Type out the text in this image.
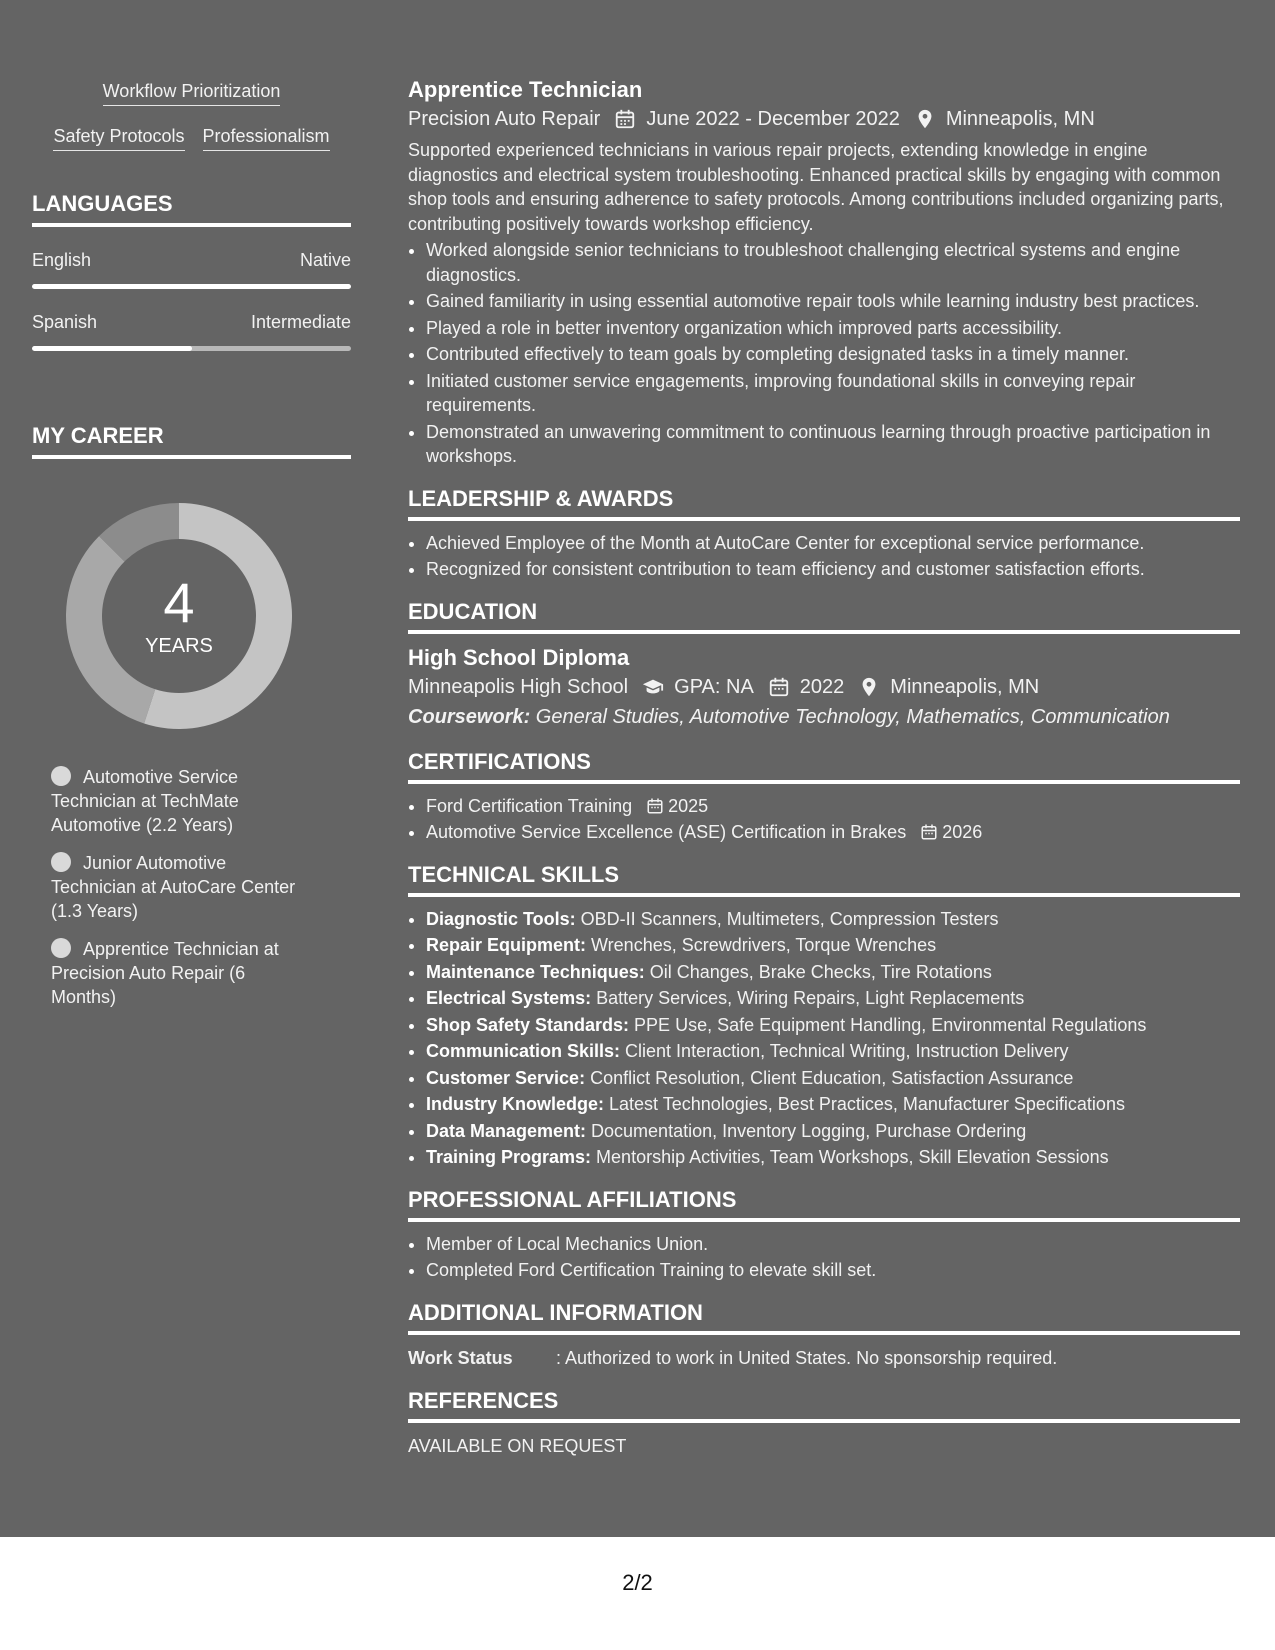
Workflow Prioritization
Safety Protocols Professionalism
LANGUAGES
English	Native
Spanish	Intermediate
MY CAREER
4
YEARS
Automotive Service Technician at TechMate Automotive (2.2 Years)
Junior Automotive Technician at AutoCare Center (1.3 Years)
Apprentice Technician at Precision Auto Repair (6 Months)
Apprentice Technician
Precision Auto Repair June 2022 - December 2022 Minneapolis, MN

Supported experienced technicians in various repair projects, extending knowledge in engine diagnostics and electrical system troubleshooting. Enhanced practical skills by engaging with common shop tools and ensuring adherence to safety protocols. Among contributions included organizing parts, contributing positively towards workshop efficiency.

• Worked alongside senior technicians to troubleshoot challenging electrical systems and engine diagnostics.
• Gained familiarity in using essential automotive repair tools while learning industry best practices.
• Played a role in better inventory organization which improved parts accessibility.
• Contributed effectively to team goals by completing designated tasks in a timely manner.
• Initiated customer service engagements, improving foundational skills in conveying repair requirements.
• Demonstrated an unwavering commitment to continuous learning through proactive participation in workshops.
LEADERSHIP & AWARDS
• Achieved Employee of the Month at AutoCare Center for exceptional service performance.
• Recognized for consistent contribution to team efficiency and customer satisfaction efforts.
EDUCATION
High School Diploma
Minneapolis High School GPA: NA 2022 Minneapolis, MN
Coursework: General Studies, Automotive Technology, Mathematics, Communication
CERTIFICATIONS
• Ford Certification Training 2025
• Automotive Service Excellence (ASE) Certification in Brakes 2026
TECHNICAL SKILLS
• Diagnostic Tools: OBD-II Scanners, Multimeters, Compression Testers
• Repair Equipment: Wrenches, Screwdrivers, Torque Wrenches
• Maintenance Techniques: Oil Changes, Brake Checks, Tire Rotations
• Electrical Systems: Battery Services, Wiring Repairs, Light Replacements
• Shop Safety Standards: PPE Use, Safe Equipment Handling, Environmental Regulations
• Communication Skills: Client Interaction, Technical Writing, Instruction Delivery
• Customer Service: Conflict Resolution, Client Education, Satisfaction Assurance
• Industry Knowledge: Latest Technologies, Best Practices, Manufacturer Specifications
• Data Management: Documentation, Inventory Logging, Purchase Ordering
• Training Programs: Mentorship Activities, Team Workshops, Skill Elevation Sessions
PROFESSIONAL AFFILIATIONS
• Member of Local Mechanics Union.
• Completed Ford Certification Training to elevate skill set.
ADDITIONAL INFORMATION
Work Status	: Authorized to work in United States. No sponsorship required.
REFERENCES
AVAILABLE ON REQUEST
2/2
